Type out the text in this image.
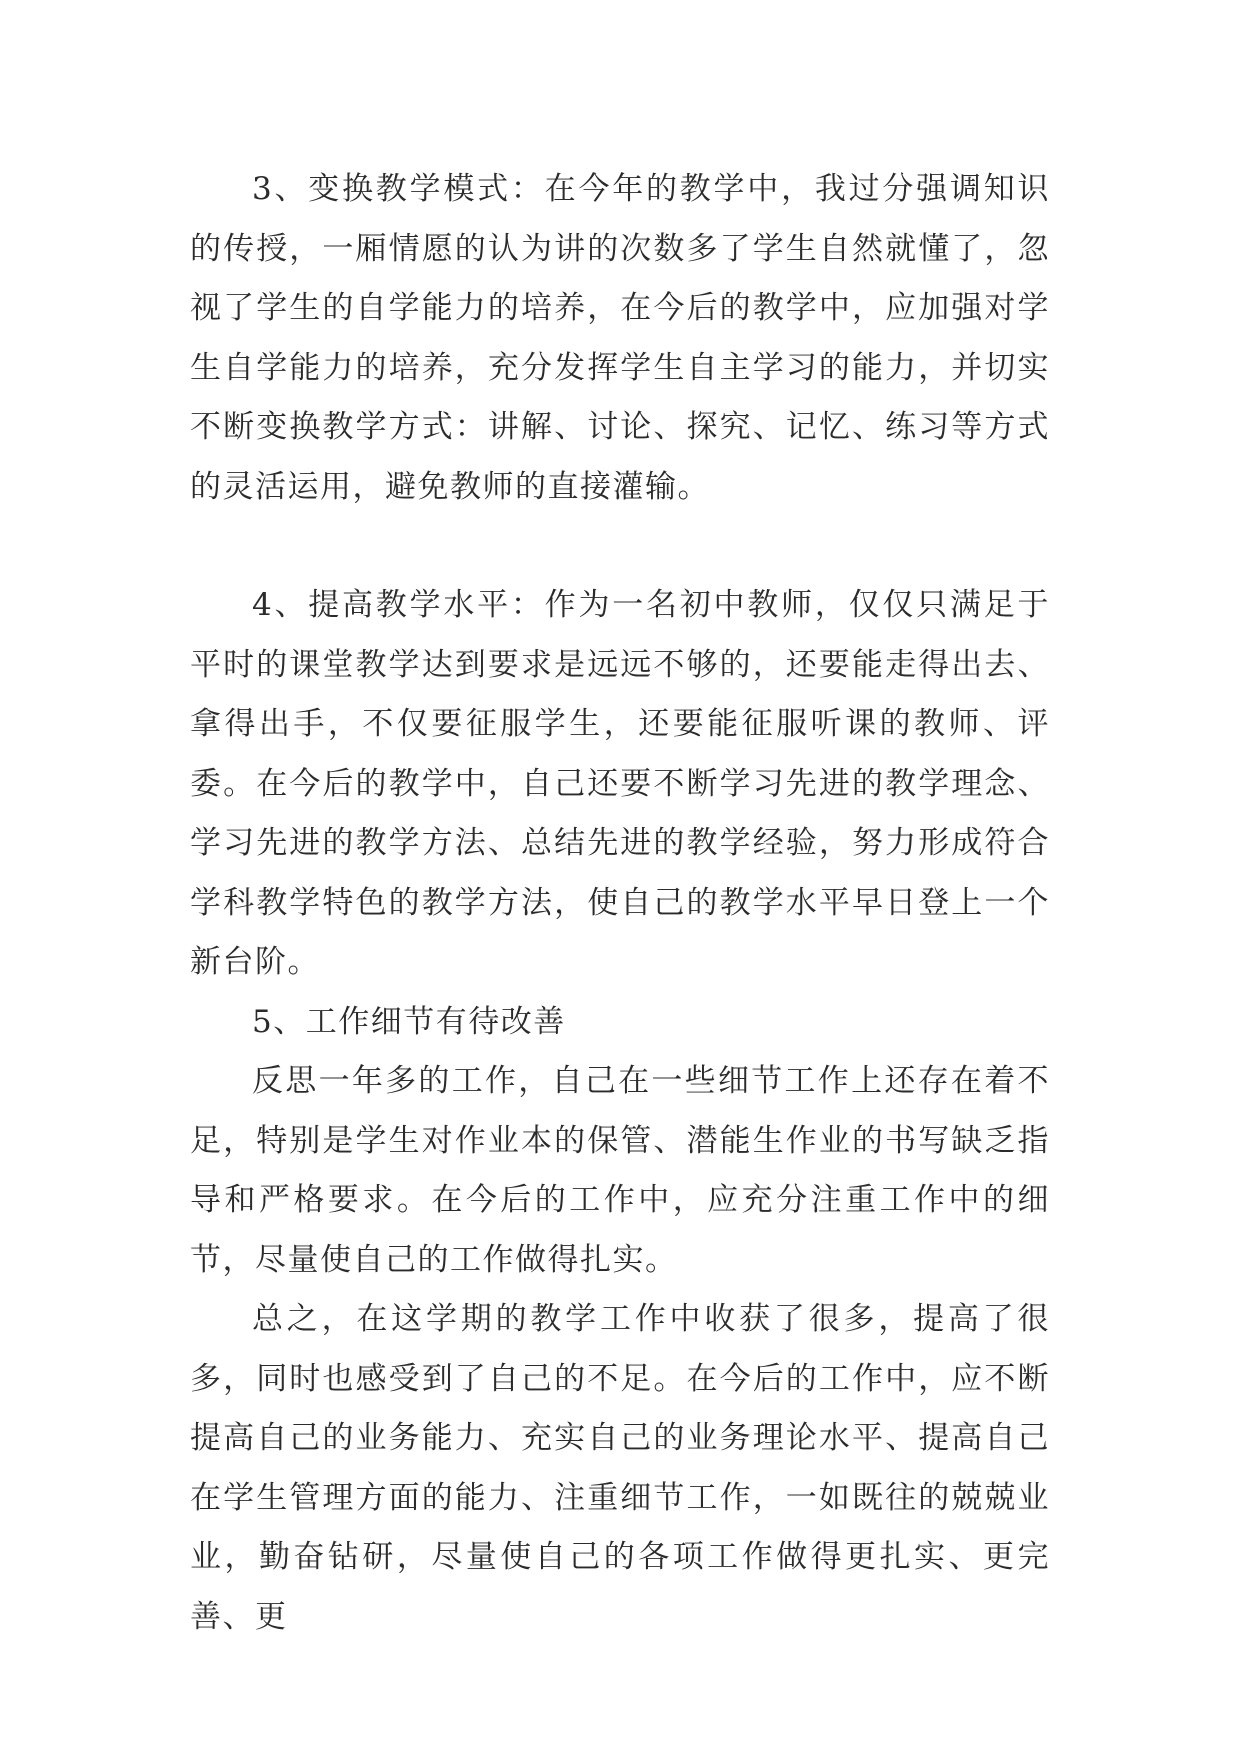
3、变换教学模式：在今年的教学中，我过分强调知识的传授，一厢情愿的认为讲的次数多了学生自然就懂了，忽视了学生的自学能力的培养，在今后的教学中，应加强对学生自学能力的培养，充分发挥学生自主学习的能力，并切实不断变换教学方式：讲解、讨论、探究、记忆、练习等方式的灵活运用，避免教师的直接灌输。

4、提高教学水平：作为一名初中教师，仅仅只满足于平时的课堂教学达到要求是远远不够的，还要能走得出去、拿得出手，不仅要征服学生，还要能征服听课的教师、评委。在今后的教学中，自己还要不断学习先进的教学理念、学习先进的教学方法、总结先进的教学经验，努力形成符合学科教学特色的教学方法，使自己的教学水平早日登上一个新台阶。

5、工作细节有待改善

反思一年多的工作，自己在一些细节工作上还存在着不足，特别是学生对作业本的保管、潜能生作业的书写缺乏指导和严格要求。在今后的工作中，应充分注重工作中的细节，尽量使自己的工作做得扎实。

总之，在这学期的教学工作中收获了很多，提高了很多，同时也感受到了自己的不足。在今后的工作中，应不断提高自己的业务能力、充实自己的业务理论水平、提高自己在学生管理方面的能力、注重细节工作，一如既往的兢兢业业，勤奋钻研，尽量使自己的各项工作做得更扎实、更完善、更
